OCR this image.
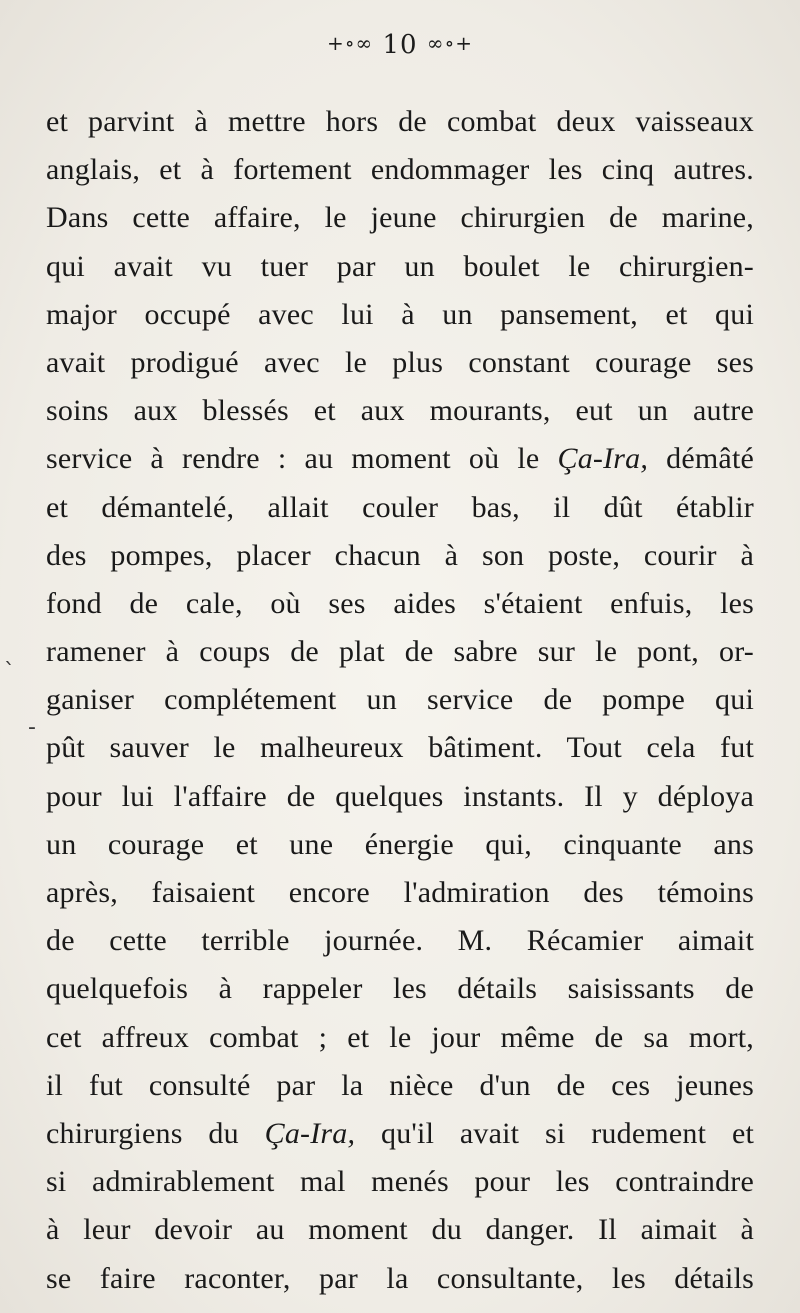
+∘∞ 10 ∞∘+
`
-
et parvint à mettre hors de combat deux vaisseaux
anglais, et à fortement endommager les cinq autres.
Dans cette affaire, le jeune chirurgien de marine,
qui avait vu tuer par un boulet le chirurgien-
major occupé avec lui à un pansement, et qui
avait prodigué avec le plus constant courage ses
soins aux blessés et aux mourants, eut un autre
service à rendre : au moment où le Ça-Ira, démâté
et démantelé, allait couler bas, il dût établir
des pompes, placer chacun à son poste, courir à
fond de cale, où ses aides s'étaient enfuis, les
ramener à coups de plat de sabre sur le pont, or-
ganiser complétement un service de pompe qui
pût sauver le malheureux bâtiment. Tout cela fut
pour lui l'affaire de quelques instants. Il y déploya
un courage et une énergie qui, cinquante ans
après, faisaient encore l'admiration des témoins
de cette terrible journée. M. Récamier aimait
quelquefois à rappeler les détails saisissants de
cet affreux combat ; et le jour même de sa mort,
il fut consulté par la nièce d'un de ces jeunes
chirurgiens du Ça-Ira, qu'il avait si rudement et
si admirablement mal menés pour les contraindre
à leur devoir au moment du danger. Il aimait à
se faire raconter, par la consultante, les détails
